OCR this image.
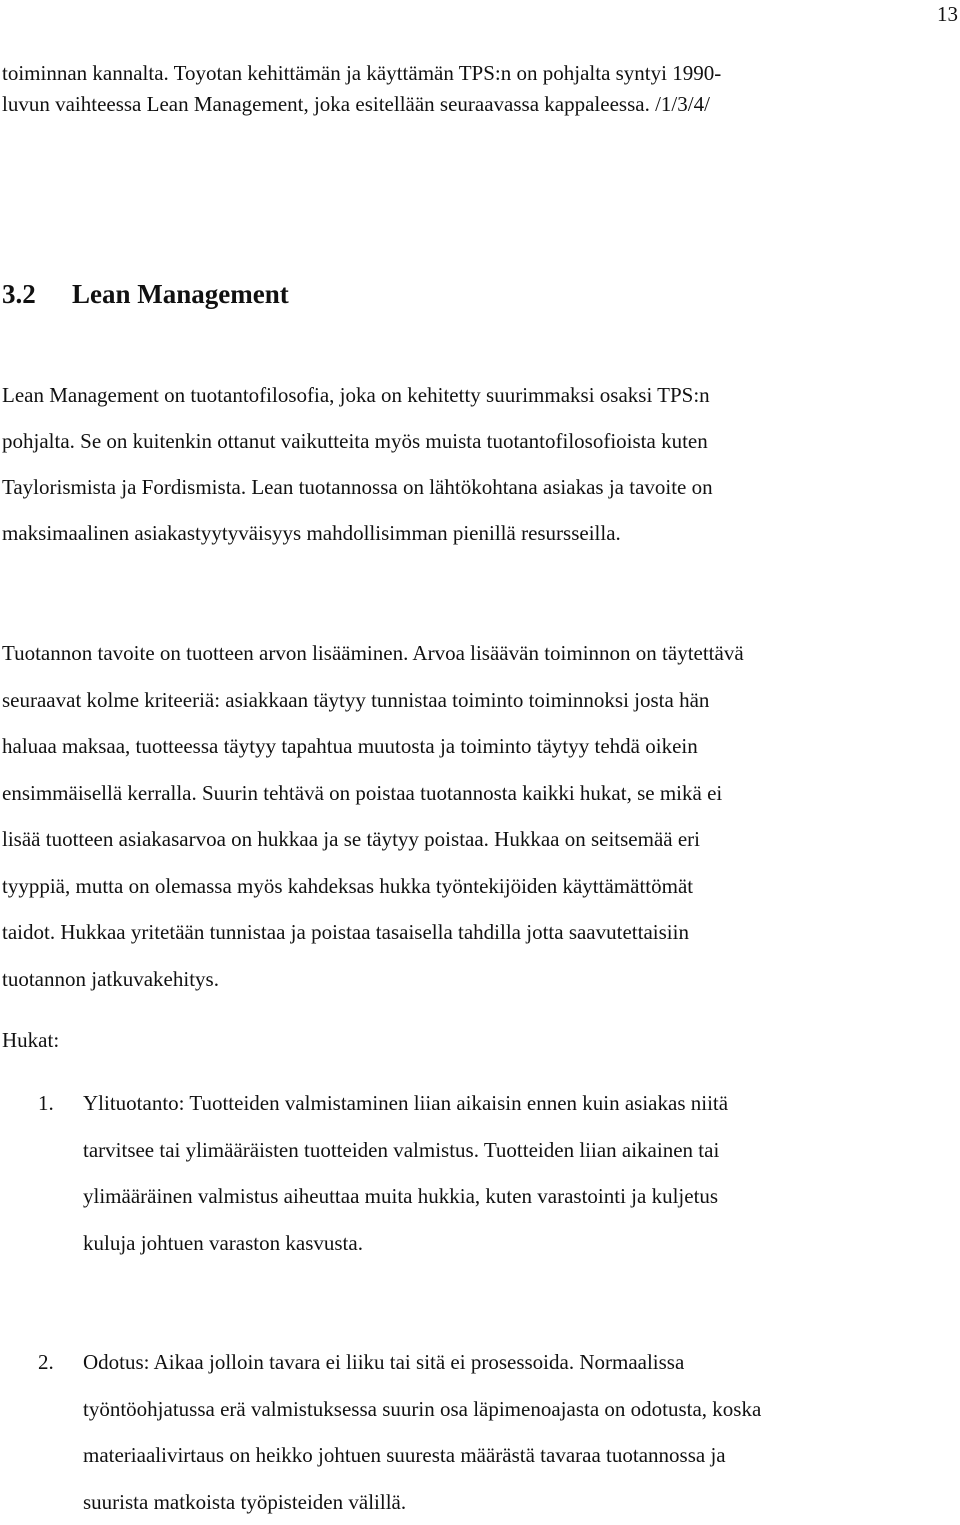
13
toiminnan kannalta. Toyotan kehittämän ja käyttämän TPS:n on pohjalta syntyi 1990-
luvun vaihteessa Lean Management, joka esitellään seuraavassa kappaleessa. /1/3/4/
3.2 Lean Management
Lean Management on tuotantofilosofia, joka on kehitetty suurimmaksi osaksi TPS:n
pohjalta. Se on kuitenkin ottanut vaikutteita myös muista tuotantofilosofioista kuten
Taylorismista ja Fordismista. Lean tuotannossa on lähtökohtana asiakas ja tavoite on
maksimaalinen asiakastyytyväisyys mahdollisimman pienillä resursseilla.
Tuotannon tavoite on tuotteen arvon lisääminen. Arvoa lisäävän toiminnon on täytettävä
seuraavat kolme kriteeriä: asiakkaan täytyy tunnistaa toiminto toiminnoksi josta hän
haluaa maksaa, tuotteessa täytyy tapahtua muutosta ja toiminto täytyy tehdä oikein
ensimmäisellä kerralla. Suurin tehtävä on poistaa tuotannosta kaikki hukat, se mikä ei
lisää tuotteen asiakasarvoa on hukkaa ja se täytyy poistaa. Hukkaa on seitsemää eri
tyyppiä, mutta on olemassa myös kahdeksas hukka työntekijöiden käyttämättömät
taidot. Hukkaa yritetään tunnistaa ja poistaa tasaisella tahdilla jotta saavutettaisiin
tuotannon jatkuvakehitys.
Hukat:
1. Ylituotanto: Tuotteiden valmistaminen liian aikaisin ennen kuin asiakas niitä
tarvitsee tai ylimääräisten tuotteiden valmistus. Tuotteiden liian aikainen tai
ylimääräinen valmistus aiheuttaa muita hukkia, kuten varastointi ja kuljetus
kuluja johtuen varaston kasvusta.
2. Odotus: Aikaa jolloin tavara ei liiku tai sitä ei prosessoida. Normaalissa
työntöohjatussa erä valmistuksessa suurin osa läpimenoajasta on odotusta, koska
materiaalivirtaus on heikko johtuen suuresta määrästä tavaraa tuotannossa ja
suurista matkoista työpisteiden välillä.
